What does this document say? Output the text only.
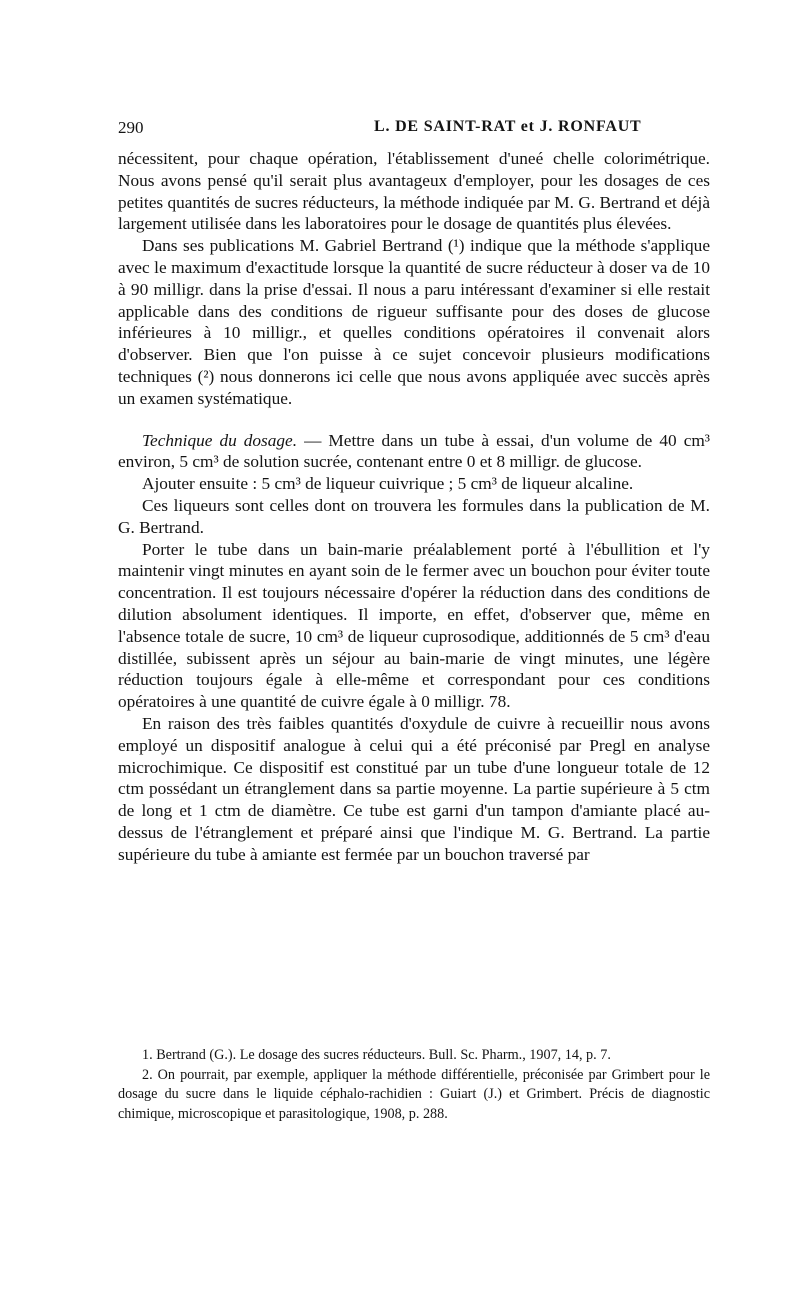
290	L. DE SAINT-RAT et J. RONFAUT

nécessitent, pour chaque opération, l'établissement d'uneé chelle colorimétrique. Nous avons pensé qu'il serait plus avantageux d'employer, pour les dosages de ces petites quantités de sucres réducteurs, la méthode indiquée par M. G. Bertrand et déjà largement utilisée dans les laboratoires pour le dosage de quantités plus élevées.

Dans ses publications M. Gabriel Bertrand (¹) indique que la méthode s'applique avec le maximum d'exactitude lorsque la quantité de sucre réducteur à doser va de 10 à 90 milligr. dans la prise d'essai. Il nous a paru intéressant d'examiner si elle restait applicable dans des conditions de rigueur suffisante pour des doses de glucose inférieures à 10 milligr., et quelles conditions opératoires il convenait alors d'observer. Bien que l'on puisse à ce sujet concevoir plusieurs modifications techniques (²) nous donnerons ici celle que nous avons appliquée avec succès après un examen systématique.

Technique du dosage. — Mettre dans un tube à essai, d'un volume de 40 cm³ environ, 5 cm³ de solution sucrée, contenant entre 0 et 8 milligr. de glucose.

Ajouter ensuite : 5 cm³ de liqueur cuivrique ; 5 cm³ de liqueur alcaline.

Ces liqueurs sont celles dont on trouvera les formules dans la publication de M. G. Bertrand.

Porter le tube dans un bain-marie préalablement porté à l'ébullition et l'y maintenir vingt minutes en ayant soin de le fermer avec un bouchon pour éviter toute concentration. Il est toujours nécessaire d'opérer la réduction dans des conditions de dilution absolument identiques. Il importe, en effet, d'observer que, même en l'absence totale de sucre, 10 cm³ de liqueur cuprosodique, additionnés de 5 cm³ d'eau distillée, subissent après un séjour au bain-marie de vingt minutes, une légère réduction toujours égale à elle-même et correspondant pour ces conditions opératoires à une quantité de cuivre égale à 0 milligr. 78.

En raison des très faibles quantités d'oxydule de cuivre à recueillir nous avons employé un dispositif analogue à celui qui a été préconisé par Pregl en analyse microchimique. Ce dispositif est constitué par un tube d'une longueur totale de 12 ctm possédant un étranglement dans sa partie moyenne. La partie supérieure à 5 ctm de long et 1 ctm de diamètre. Ce tube est garni d'un tampon d'amiante placé au-dessus de l'étranglement et préparé ainsi que l'indique M. G. Bertrand. La partie supérieure du tube à amiante est fermée par un bouchon traversé par

1. Bertrand (G.). Le dosage des sucres réducteurs. Bull. Sc. Pharm., 1907, 14, p. 7.

2. On pourrait, par exemple, appliquer la méthode différentielle, préconisée par Grimbert pour le dosage du sucre dans le liquide céphalo-rachidien : Guiart (J.) et Grimbert. Précis de diagnostic chimique, microscopique et parasitologique, 1908, p. 288.
